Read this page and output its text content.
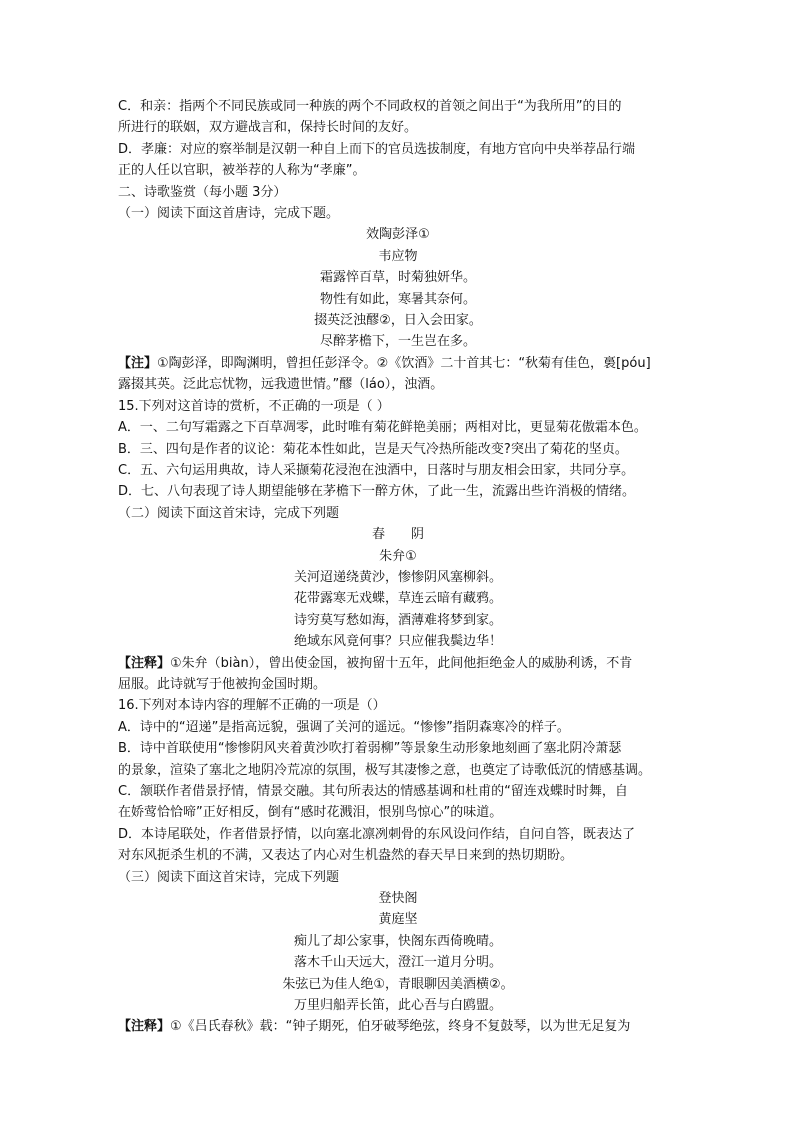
C．和亲：指两个不同民族或同一种族的两个不同政权的首领之间出于“为我所用”的目的

所进行的联姻，双方避战言和，保持长时间的友好。

D．孝廉：对应的察举制是汉朝一种自上而下的官员选拔制度，有地方官向中央举荐品行端

正的人任以官职，被举荐的人称为“孝廉”。

二、诗歌鉴赏（每小题 3分）

（一）阅读下面这首唐诗，完成下题。

效陶彭泽①

韦应物

霜露悴百草，时菊独妍华。

物性有如此，寒暑其奈何。

掇英泛浊醪②，日入会田家。

尽醉茅檐下，一生岂在多。

【注】①陶彭泽，即陶渊明，曾担任彭泽令。②《饮酒》二十首其七：“秋菊有佳色，裛[póu]

露掇其英。泛此忘忧物，远我遗世情。”醪（láo），浊酒。

15.下列对这首诗的赏析，不正确的一项是（ ）

A．一、二句写霜露之下百草凋零，此时唯有菊花鲜艳美丽；两相对比，更显菊花傲霜本色。

B．三、四句是作者的议论：菊花本性如此，岂是天气冷热所能改变?突出了菊花的坚贞。

C．五、六句运用典故，诗人采撷菊花浸泡在浊酒中，日落时与朋友相会田家，共同分享。

D．七、八句表现了诗人期望能够在茅檐下一醉方休，了此一生，流露出些许消极的情绪。

（二）阅读下面这首宋诗，完成下列题

春 阴

朱弁①

关河迢递绕黄沙，惨惨阴风塞柳斜。

花带露寒无戏蝶，草连云暗有藏鸦。

诗穷莫写愁如海，酒薄难将梦到家。

绝域东风竟何事？只应催我鬓边华！

【注释】①朱弁（biàn），曾出使金国，被拘留十五年，此间他拒绝金人的威胁利诱，不肯

屈服。此诗就写于他被拘金国时期。

16.下列对本诗内容的理解不正确的一项是（）

A．诗中的“迢递”是指高远貌，强调了关河的遥远。“惨惨”指阴森寒冷的样子。

B．诗中首联使用“惨惨阴风夹着黄沙吹打着弱柳”等景象生动形象地刻画了塞北阴冷萧瑟

的景象，渲染了塞北之地阴冷荒凉的氛围，极写其凄惨之意，也奠定了诗歌低沉的情感基调。

C．颔联作者借景抒情，情景交融。其句所表达的情感基调和杜甫的“留连戏蝶时时舞，自

在娇莺恰恰啼”正好相反，倒有“感时花溅泪，恨别鸟惊心”的味道。

D．本诗尾联处，作者借景抒情，以向塞北凛冽刺骨的东风设问作结，自问自答，既表达了

对东风扼杀生机的不满，又表达了内心对生机盎然的春天早日来到的热切期盼。

（三）阅读下面这首宋诗，完成下列题

登快阁

黄庭坚

痴儿了却公家事，快阁东西倚晚晴。

落木千山天远大，澄江一道月分明。

朱弦已为佳人绝①，青眼聊因美酒横②。

万里归船弄长笛，此心吾与白鸥盟。

【注释】①《吕氏春秋》载：“钟子期死，伯牙破琴绝弦，终身不复鼓琴，以为世无足复为
